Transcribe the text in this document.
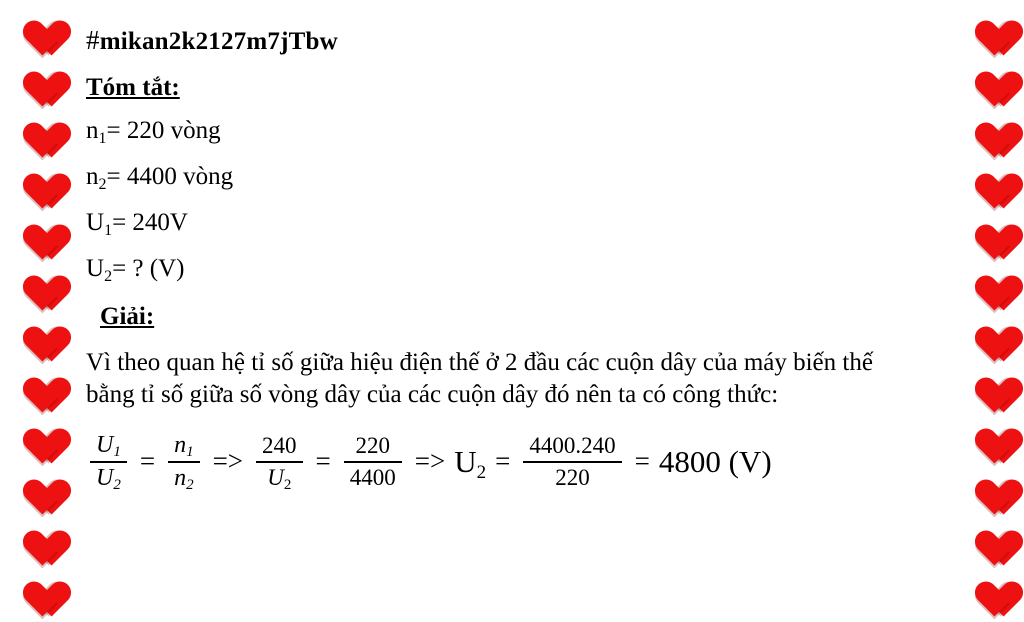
#mikan2k2127m7jTbw
Tóm tắt:
$n_1= 220$ vòng
$n_2= 4400$ vòng
$U_1= 240V$
$U_2=$ ? (V)
Giải:
Vì theo quan hệ tỉ số giữa hiệu điện thế ở 2 đầu các cuộn dây của máy biến thế bằng tỉ số giữa số vòng dây của các cuộn dây đó nên ta có công thức:
$\frac{U_1}{U_2} = \frac{n_1}{n_2} => \frac{240}{U_2} = \frac{220}{4400} => U_2 = \frac{4400.240}{220} = 4800$ (V)
